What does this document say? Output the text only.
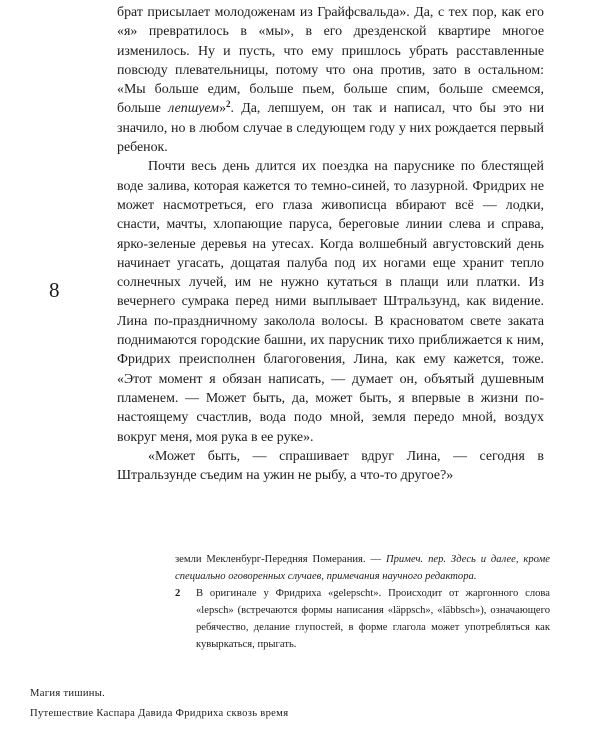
8

брат присылает молодоженам из Грайфсвальда». Да, с тех пор, как его «я» превратилось в «мы», в его дрезденской квартире многое изменилось. Ну и пусть, что ему пришлось убрать расставленные повсюду плевательницы, потому что она против, зато в остальном: «Мы больше едим, больше пьем, больше спим, больше смеемся, больше лепшуем»$^2$. Да, лепшуем, он так и написал, что бы это ни значило, но в любом случае в следующем году у них рождается первый ребенок.

Почти весь день длится их поездка на паруснике по блестящей воде залива, которая кажется то темно-синей, то лазурной. Фридрих не может насмотреться, его глаза живописца вбирают всё — лодки, снасти, мачты, хлопающие паруса, береговые линии слева и справа, ярко-зеленые деревья на утесах. Когда волшебный августовский день начинает угасать, дощатая палуба под их ногами еще хранит тепло солнечных лучей, им не нужно кутаться в плащи или платки. Из вечернего сумрака перед ними выплывает Штральзунд, как видение. Лина по-праздничному заколола волосы. В красноватом свете заката поднимаются городские башни, их парусник тихо приближается к ним, Фридрих преисполнен благоговения, Лина, как ему кажется, тоже. «Этот момент я обязан написать, — думает он, объятый душевным пламенем. — Может быть, да, может быть, я впервые в жизни по-настоящему счастлив, вода подо мной, земля передо мной, воздух вокруг меня, моя рука в ее руке».

«Может быть, — спрашивает вдруг Лина, — сегодня в Штральзунде съедим на ужин не рыбу, а что-то другое?»

земли Мекленбург-Передняя Померания. — Примеч. пер. Здесь и далее, кроме специально оговоренных случаев, примечания научного редактора.

2	В оригинале у Фридриха «gelepscht». Происходит от жаргонного слова «lepsch» (встречаются формы написания «läppsch», «läbbsch»), означающего ребячество, делание глупостей, в форме глагола может употребляться как кувыркаться, прыгать.
Магия тишины.
Путешествие Каспара Давида Фридриха сквозь время
